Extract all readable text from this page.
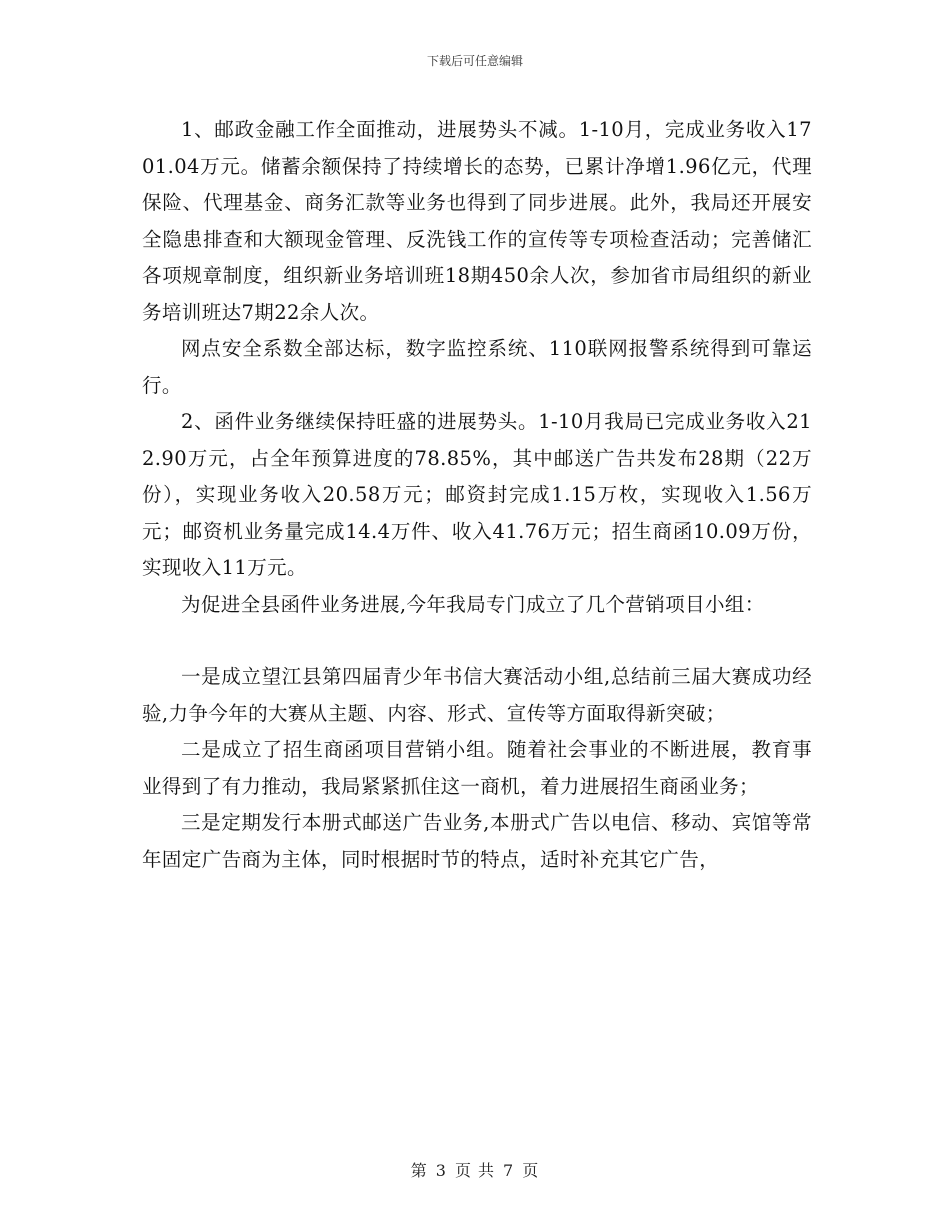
下载后可任意编辑

1、邮政金融工作全面推动，进展势头不减。1-10月，完成业务收入1701.04万元。储蓄余额保持了持续增长的态势，已累计净增1.96亿元，代理保险、代理基金、商务汇款等业务也得到了同步进展。此外，我局还开展安全隐患排查和大额现金管理、反洗钱工作的宣传等专项检查活动；完善储汇各项规章制度，组织新业务培训班18期450余人次，参加省市局组织的新业务培训班达7期22余人次。

网点安全系数全部达标，数字监控系统、110联网报警系统得到可靠运行。

2、函件业务继续保持旺盛的进展势头。1-10月我局已完成业务收入212.90万元，占全年预算进度的78.85%，其中邮送广告共发布28期（22万份），实现业务收入20.58万元；邮资封完成1.15万枚，实现收入1.56万元；邮资机业务量完成14.4万件、收入41.76万元；招生商函10.09万份，实现收入11万元。

为促进全县函件业务进展,今年我局专门成立了几个营销项目小组：

一是成立望江县第四届青少年书信大赛活动小组,总结前三届大赛成功经验,力争今年的大赛从主题、内容、形式、宣传等方面取得新突破；

二是成立了招生商函项目营销小组。随着社会事业的不断进展，教育事业得到了有力推动，我局紧紧抓住这一商机，着力进展招生商函业务；

三是定期发行本册式邮送广告业务,本册式广告以电信、移动、宾馆等常年固定广告商为主体，同时根据时节的特点，适时补充其它广告，

第 3 页 共 7 页
